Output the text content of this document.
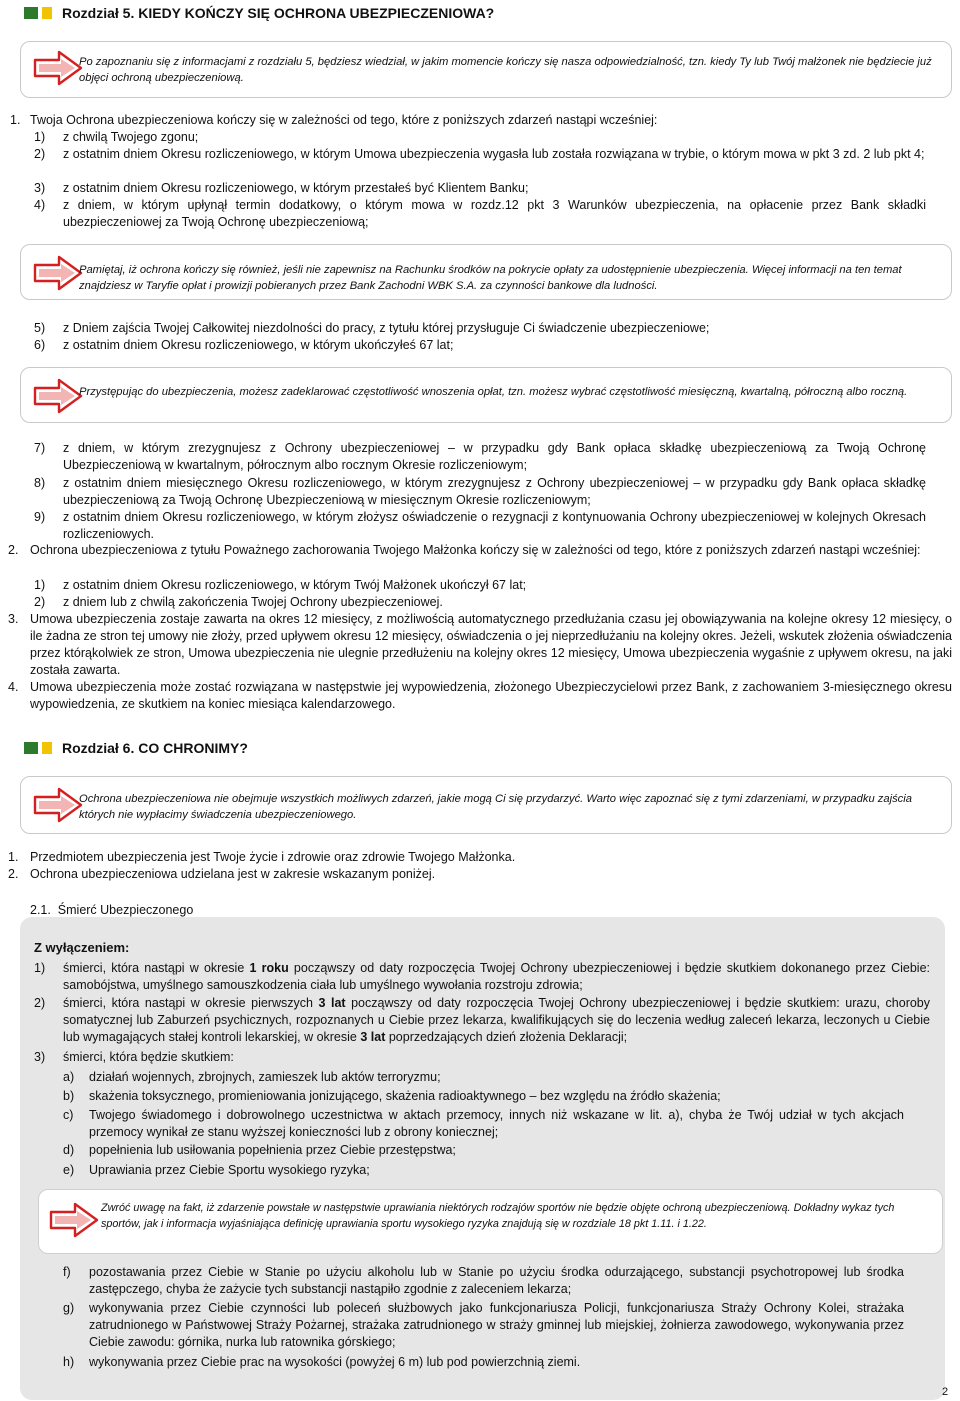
Rozdział 5. KIEDY KOŃCZY SIĘ OCHRONA UBEZPIECZENIOWA?

Po zapoznaniu się z informacjami z rozdziału 5, będziesz wiedział, w jakim momencie kończy się nasza odpowiedzialność, tzn. kiedy Ty lub Twój małżonek nie będziecie już objęci ochroną ubezpieczeniową.

1. Twoja Ochrona ubezpieczeniowa kończy się w zależności od tego, które z poniższych zdarzeń nastąpi wcześniej:
1) z chwilą Twojego zgonu;
2) z ostatnim dniem Okresu rozliczeniowego, w którym Umowa ubezpieczenia wygasła lub została rozwiązana w trybie, o którym mowa w pkt 3 zd. 2 lub pkt 4;
3) z ostatnim dniem Okresu rozliczeniowego, w którym przestałeś być Klientem Banku;
4) z dniem, w którym upłynął termin dodatkowy, o którym mowa w rozdz.12 pkt 3 Warunków ubezpieczenia, na opłacenie przez Bank składki ubezpieczeniowej za Twoją Ochronę ubezpieczeniową;

Pamiętaj, iż ochrona kończy się również, jeśli nie zapewnisz na Rachunku środków na pokrycie opłaty za udostępnienie ubezpieczenia. Więcej informacji na ten temat znajdziesz w Taryfie opłat i prowizji pobieranych przez Bank Zachodni WBK S.A. za czynności bankowe dla ludności.

5) z Dniem zajścia Twojej Całkowitej niezdolności do pracy, z tytułu której przysługuje Ci świadczenie ubezpieczeniowe;
6) z ostatnim dniem Okresu rozliczeniowego, w którym ukończyłeś 67 lat;

Przystępując do ubezpieczenia, możesz zadeklarować częstotliwość wnoszenia opłat, tzn. możesz wybrać częstotliwość miesięczną, kwartalną, półroczną albo roczną.

7) z dniem, w którym zrezygnujesz z Ochrony ubezpieczeniowej – w przypadku gdy Bank opłaca składkę ubezpieczeniową za Twoją Ochronę Ubezpieczeniową w kwartalnym, półrocznym albo rocznym Okresie rozliczeniowym;
8) z ostatnim dniem miesięcznego Okresu rozliczeniowego, w którym zrezygnujesz z Ochrony ubezpieczeniowej – w przypadku gdy Bank opłaca składkę ubezpieczeniową za Twoją Ochronę Ubezpieczeniową w miesięcznym Okresie rozliczeniowym;
9) z ostatnim dniem Okresu rozliczeniowego, w którym złożysz oświadczenie o rezygnacji z kontynuowania Ochrony ubezpieczeniowej w kolejnych Okresach rozliczeniowych.
2. Ochrona ubezpieczeniowa z tytułu Poważnego zachorowania Twojego Małżonka kończy się w zależności od tego, które z poniższych zdarzeń nastąpi wcześniej:
1) z ostatnim dniem Okresu rozliczeniowego, w którym Twój Małżonek ukończył 67 lat;
2) z dniem lub z chwilą zakończenia Twojej Ochrony ubezpieczeniowej.
3. Umowa ubezpieczenia zostaje zawarta na okres 12 miesięcy, z możliwością automatycznego przedłużania czasu jej obowiązywania na kolejne okresy 12 miesięcy, o ile żadna ze stron tej umowy nie złoży, przed upływem okresu 12 miesięcy, oświadczenia o jej nieprzedłużaniu na kolejny okres. Jeżeli, wskutek złożenia oświadczenia przez którąkolwiek ze stron, Umowa ubezpieczenia nie ulegnie przedłużeniu na kolejny okres 12 miesięcy, Umowa ubezpieczenia wygaśnie z upływem okresu, na jaki została zawarta.
4. Umowa ubezpieczenia może zostać rozwiązana w następstwie jej wypowiedzenia, złożonego Ubezpieczycielowi przez Bank, z zachowaniem 3-miesięcznego okresu wypowiedzenia, ze skutkiem na koniec miesiąca kalendarzowego.
Rozdział 6. CO CHRONIMY?

Ochrona ubezpieczeniowa nie obejmuje wszystkich możliwych zdarzeń, jakie mogą Ci się przydarzyć. Warto więc zapoznać się z tymi zdarzeniami, w przypadku zajścia których nie wypłacimy świadczenia ubezpieczeniowego.

1. Przedmiotem ubezpieczenia jest Twoje życie i zdrowie oraz zdrowie Twojego Małżonka.
2. Ochrona ubezpieczeniowa udzielana jest w zakresie wskazanym poniżej.
2.1.  Śmierć Ubezpieczonego
Z wyłączeniem:
1) śmierci, która nastąpi w okresie 1 roku począwszy od daty rozpoczęcia Twojej Ochrony ubezpieczeniowej i będzie skutkiem dokonanego przez Ciebie: samobójstwa, umyślnego samouszkodzenia ciała lub umyślnego wywołania rozstroju zdrowia;
2) śmierci, która nastąpi w okresie pierwszych 3 lat począwszy od daty rozpoczęcia Twojej Ochrony ubezpieczeniowej i będzie skutkiem: urazu, choroby somatycznej lub Zaburzeń psychicznych, rozpoznanych u Ciebie przez lekarza, kwalifikujących się do leczenia według zaleceń lekarza, leczonych u Ciebie lub wymagających stałej kontroli lekarskiej, w okresie 3 lat poprzedzających dzień złożenia Deklaracji;
3) śmierci, która będzie skutkiem:
a) działań wojennych, zbrojnych, zamieszek lub aktów terroryzmu;
b) skażenia toksycznego, promieniowania jonizującego, skażenia radioaktywnego – bez względu na źródło skażenia;
c) Twojego świadomego i dobrowolnego uczestnictwa w aktach przemocy, innych niż wskazane w lit. a), chyba że Twój udział w tych akcjach przemocy wynikał ze stanu wyższej konieczności lub z obrony koniecznej;
d) popełnienia lub usiłowania popełnienia przez Ciebie przestępstwa;
e) Uprawiania przez Ciebie Sportu wysokiego ryzyka;

Zwróć uwagę na fakt, iż zdarzenie powstałe w następstwie uprawiania niektórych rodzajów sportów nie będzie objęte ochroną ubezpieczeniową. Dokładny wykaz tych sportów, jak i informacja wyjaśniająca definicję uprawiania sportu wysokiego ryzyka znajdują się w rozdziale 18 pkt 1.11. i 1.22.

f) pozostawania przez Ciebie w Stanie po użyciu alkoholu lub w Stanie po użyciu środka odurzającego, substancji psychotropowej lub środka zastępczego, chyba że zażycie tych substancji nastąpiło zgodnie z zaleceniem lekarza;
g) wykonywania przez Ciebie czynności lub poleceń służbowych jako funkcjonariusza Policji, funkcjonariusza Straży Ochrony Kolei, strażaka zatrudnionego w Państwowej Straży Pożarnej, strażaka zatrudnionego w straży gminnej lub miejskiej, żołnierza zawodowego, wykonywania przez Ciebie zawodu: górnika, nurka lub ratownika górskiego;
h) wykonywania przez Ciebie prac na wysokości (powyżej 6 m) lub pod powierzchnią ziemi.
2
